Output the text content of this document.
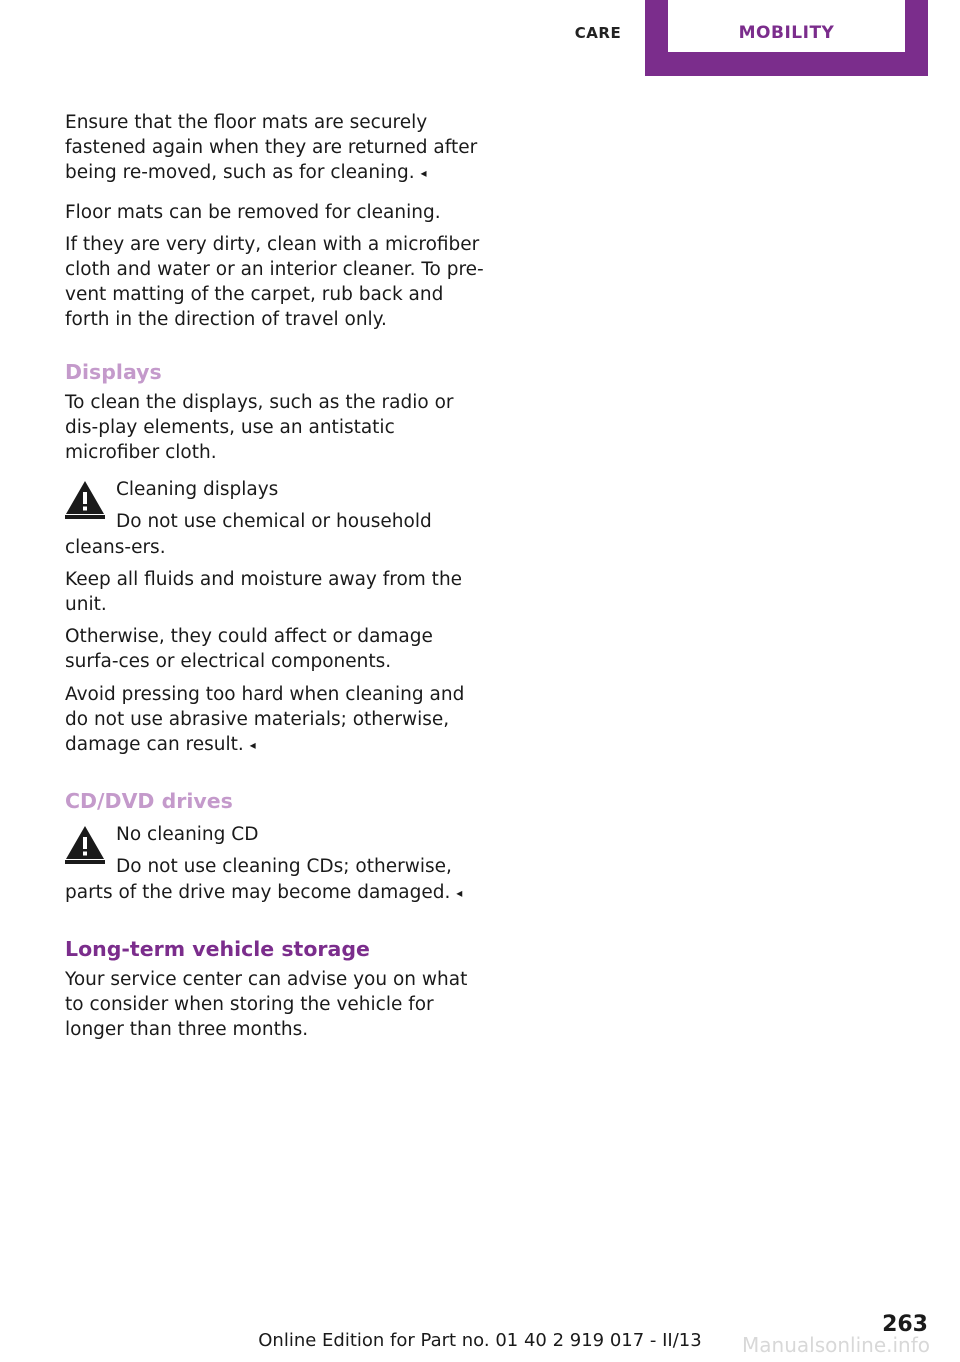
CARE	MOBILITY

Ensure that the floor mats are securely fastened again when they are returned after being re‐moved, such as for cleaning. ◂

Floor mats can be removed for cleaning.

If they are very dirty, clean with a microfiber cloth and water or an interior cleaner. To pre‐vent matting of the carpet, rub back and forth in the direction of travel only.

Displays

To clean the displays, such as the radio or dis‐play elements, use an antistatic microfiber cloth.

Cleaning displays

Do not use chemical or household cleans‐ers.

Keep all fluids and moisture away from the unit.

Otherwise, they could affect or damage surfa‐ces or electrical components.

Avoid pressing too hard when cleaning and do not use abrasive materials; otherwise, damage can result. ◂

CD/DVD drives

No cleaning CD

Do not use cleaning CDs; otherwise, parts of the drive may become damaged. ◂

Long-term vehicle storage

Your service center can advise you on what to consider when storing the vehicle for longer than three months.

263
Online Edition for Part no. 01 40 2 919 017 - II/13	Manualsonline.info
